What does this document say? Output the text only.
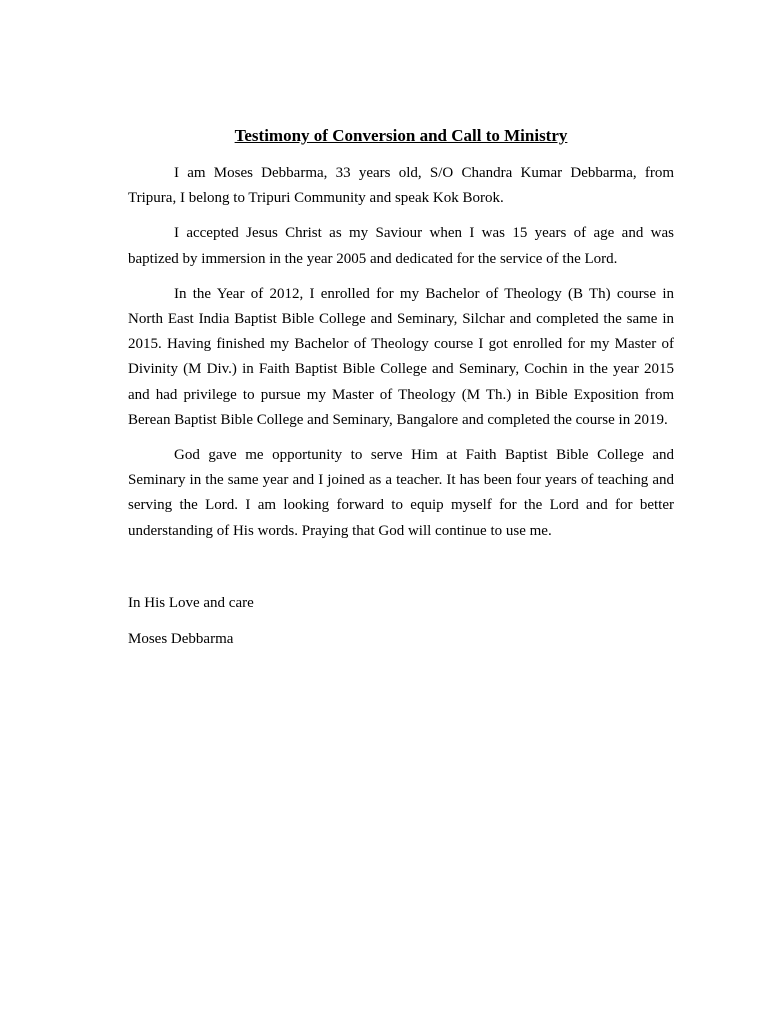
Testimony of Conversion and Call to Ministry

I am Moses Debbarma, 33 years old, S/O Chandra Kumar Debbarma, from Tripura, I belong to Tripuri Community and speak Kok Borok.

I accepted Jesus Christ as my Saviour when I was 15 years of age and was baptized by immersion in the year 2005 and dedicated for the service of the Lord.

In the Year of 2012, I enrolled for my Bachelor of Theology (B Th) course in North East India Baptist Bible College and Seminary, Silchar and completed the same in 2015. Having finished my Bachelor of Theology course I got enrolled for my Master of Divinity (M Div.) in Faith Baptist Bible College and Seminary, Cochin in the year 2015 and had privilege to pursue my Master of Theology (M Th.) in Bible Exposition from Berean Baptist Bible College and Seminary, Bangalore and completed the course in 2019.

God gave me opportunity to serve Him at Faith Baptist Bible College and Seminary in the same year and I joined as a teacher. It has been four years of teaching and serving the Lord. I am looking forward to equip myself for the Lord and for better understanding of His words. Praying that God will continue to use me.

In His Love and care

Moses Debbarma
